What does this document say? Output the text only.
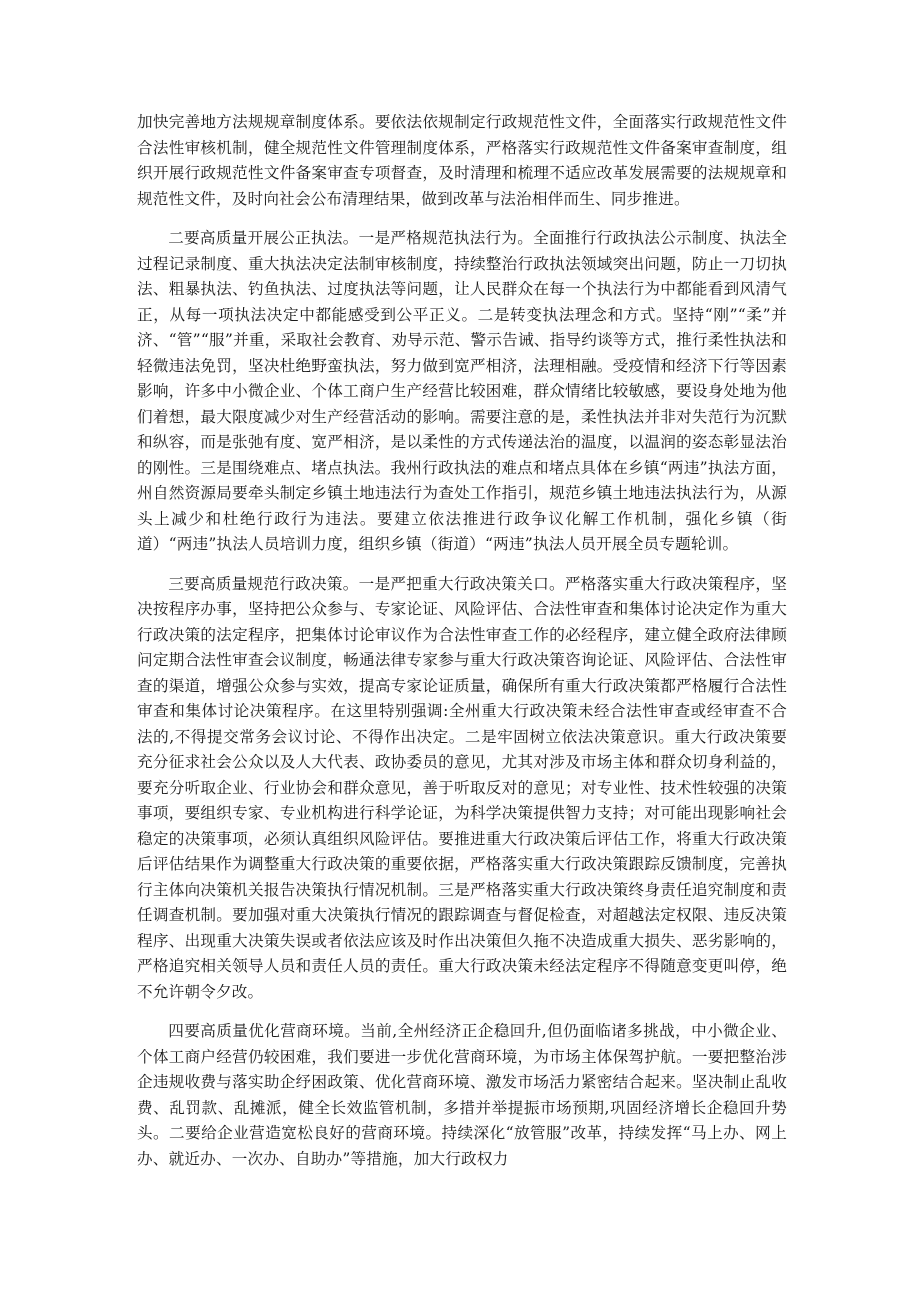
加快完善地方法规规章制度体系。要依法依规制定行政规范性文件，全面落实行政规范性文件合法性审核机制，健全规范性文件管理制度体系，严格落实行政规范性文件备案审查制度，组织开展行政规范性文件备案审查专项督查，及时清理和梳理不适应改革发展需要的法规规章和规范性文件，及时向社会公布清理结果，做到改革与法治相伴而生、同步推进。

二要高质量开展公正执法。一是严格规范执法行为。全面推行行政执法公示制度、执法全过程记录制度、重大执法决定法制审核制度，持续整治行政执法领域突出问题，防止一刀切执法、粗暴执法、钓鱼执法、过度执法等问题，让人民群众在每一个执法行为中都能看到风清气正，从每一项执法决定中都能感受到公平正义。二是转变执法理念和方式。坚持“刚”“柔”并济、“管”“服”并重，采取社会教育、劝导示范、警示告诫、指导约谈等方式，推行柔性执法和轻微违法免罚，坚决杜绝野蛮执法，努力做到宽严相济，法理相融。受疫情和经济下行等因素影响，许多中小微企业、个体工商户生产经营比较困难，群众情绪比较敏感，要设身处地为他们着想，最大限度减少对生产经营活动的影响。需要注意的是，柔性执法并非对失范行为沉默和纵容，而是张弛有度、宽严相济，是以柔性的方式传递法治的温度，以温润的姿态彰显法治的刚性。三是围绕难点、堵点执法。我州行政执法的难点和堵点具体在乡镇“两违”执法方面，州自然资源局要牵头制定乡镇土地违法行为查处工作指引，规范乡镇土地违法执法行为，从源头上减少和杜绝行政行为违法。要建立依法推进行政争议化解工作机制，强化乡镇（街道）“两违”执法人员培训力度，组织乡镇（街道）“两违”执法人员开展全员专题轮训。

三要高质量规范行政决策。一是严把重大行政决策关口。严格落实重大行政决策程序，坚决按程序办事，坚持把公众参与、专家论证、风险评估、合法性审查和集体讨论决定作为重大行政决策的法定程序，把集体讨论审议作为合法性审查工作的必经程序，建立健全政府法律顾问定期合法性审查会议制度，畅通法律专家参与重大行政决策咨询论证、风险评估、合法性审查的渠道，增强公众参与实效，提高专家论证质量，确保所有重大行政决策都严格履行合法性审查和集体讨论决策程序。在这里特别强调:全州重大行政决策未经合法性审查或经审查不合法的,不得提交常务会议讨论、不得作出决定。二是牢固树立依法决策意识。重大行政决策要充分征求社会公众以及人大代表、政协委员的意见，尤其对涉及市场主体和群众切身利益的，要充分听取企业、行业协会和群众意见，善于听取反对的意见；对专业性、技术性较强的决策事项，要组织专家、专业机构进行科学论证，为科学决策提供智力支持；对可能出现影响社会稳定的决策事项，必须认真组织风险评估。要推进重大行政决策后评估工作，将重大行政决策后评估结果作为调整重大行政决策的重要依据，严格落实重大行政决策跟踪反馈制度，完善执行主体向决策机关报告决策执行情况机制。三是严格落实重大行政决策终身责任追究制度和责任调查机制。要加强对重大决策执行情况的跟踪调查与督促检查，对超越法定权限、违反决策程序、出现重大决策失误或者依法应该及时作出决策但久拖不决造成重大损失、恶劣影响的，严格追究相关领导人员和责任人员的责任。重大行政决策未经法定程序不得随意变更叫停，绝不允许朝令夕改。

四要高质量优化营商环境。当前,全州经济正企稳回升,但仍面临诸多挑战，中小微企业、个体工商户经营仍较困难，我们要进一步优化营商环境，为市场主体保驾护航。一要把整治涉企违规收费与落实助企纾困政策、优化营商环境、激发市场活力紧密结合起来。坚决制止乱收费、乱罚款、乱摊派，健全长效监管机制，多措并举提振市场预期,巩固经济增长企稳回升势头。二要给企业营造宽松良好的营商环境。持续深化“放管服”改革，持续发挥“马上办、网上办、就近办、一次办、自助办”等措施，加大行政权力
